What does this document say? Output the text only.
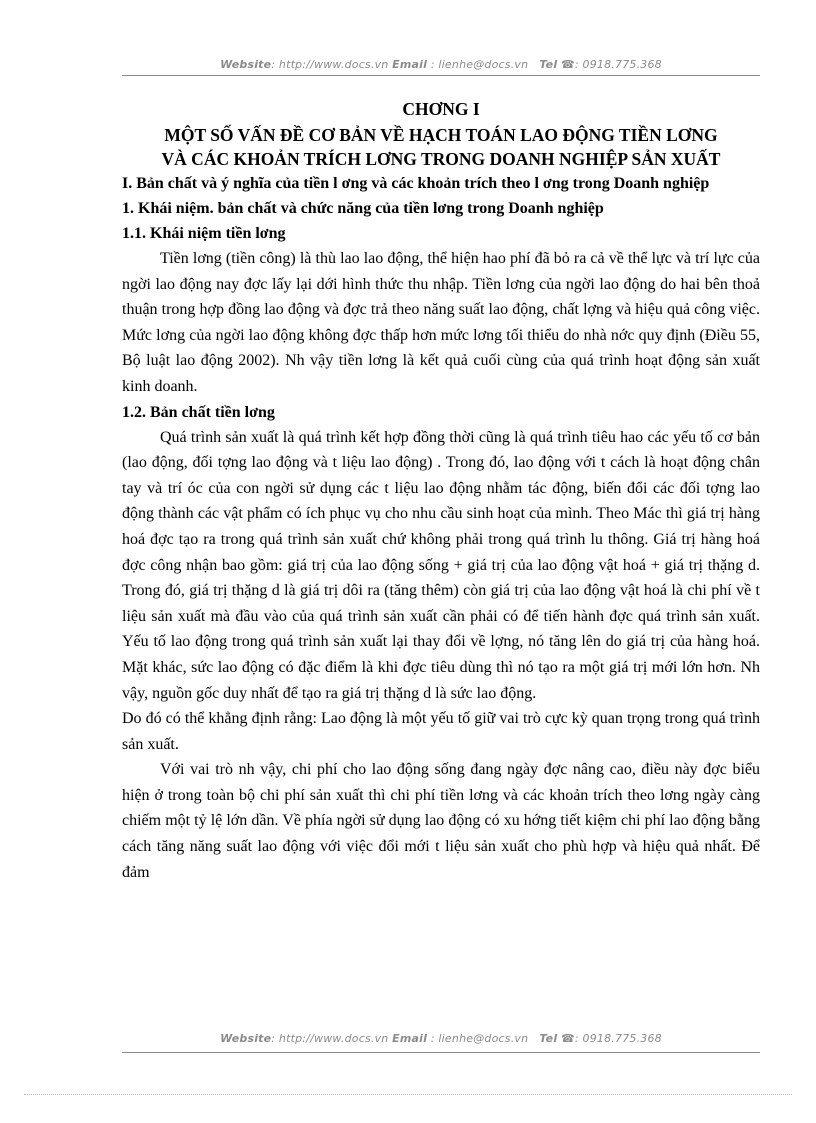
Website: http://www.docs.vn Email : lienhe@docs.vn Tel ☎: 0918.775.368

CHƠNG I

MỘT SỐ VẤN ĐỀ CƠ BẢN VỀ HẠCH TOÁN LAO ĐỘNG TIỀN LƠNG

VÀ CÁC KHOẢN TRÍCH LƠNG TRONG DOANH NGHIỆP SẢN XUẤT

I. Bản chất và ý nghĩa của tiền l ơng và các khoản trích theo l ơng trong Doanh nghiệp

1. Khái niệm. bản chất và chức năng của tiền lơng trong Doanh nghiệp

1.1. Khái niệm tiền lơng

Tiền lơng (tiền công) là thù lao lao động, thể hiện hao phí đã bỏ ra cả về thể lực và trí lực của ngời lao động nay đợc lấy lại dới hình thức thu nhập. Tiền lơng của ngời lao động do hai bên thoả thuận trong hợp đồng lao động và đợc trả theo năng suất lao động, chất lợng và hiệu quả công việc. Mức lơng của ngời lao động không đợc thấp hơn mức lơng tối thiểu do nhà nớc quy định (Điều 55, Bộ luật lao động 2002). Nh vậy tiền lơng là kết quả cuối cùng của quá trình hoạt động sản xuất kinh doanh.

1.2. Bản chất tiền lơng

Quá trình sản xuất là quá trình kết hợp đồng thời cũng là quá trình tiêu hao các yếu tố cơ bản (lao động, đối tợng lao động và t liệu lao động) . Trong đó, lao động với t cách là hoạt động chân tay và trí óc của con ngời sử dụng các t liệu lao động nhằm tác động, biến đổi các đối tợng lao động thành các vật phẩm có ích phục vụ cho nhu cầu sinh hoạt của mình. Theo Mác thì giá trị hàng hoá đợc tạo ra trong quá trình sản xuất chứ không phải trong quá trình lu thông. Giá trị hàng hoá đợc công nhận bao gồm: giá trị của lao động sống + giá trị của lao động vật hoá + giá trị thặng d. Trong đó, giá trị thặng d là giá trị dôi ra (tăng thêm) còn giá trị của lao động vật hoá là chi phí về t liệu sản xuất mà đầu vào của quá trình sản xuất cần phải có để tiến hành đợc quá trình sản xuất. Yếu tố lao động trong quá trình sản xuất lại thay đổi về lợng, nó tăng lên do giá trị của hàng hoá. Mặt khác, sức lao động có đặc điểm là khi đợc tiêu dùng thì nó tạo ra một giá trị mới lớn hơn. Nh vậy, nguồn gốc duy nhất để tạo ra giá trị thặng d là sức lao động.

Do đó có thể khẳng định rằng: Lao động là một yếu tố giữ vai trò cực kỳ quan trọng trong quá trình sản xuất.

Với vai trò nh vậy, chi phí cho lao động sống đang ngày đợc nâng cao, điều này đợc biểu hiện ở trong toàn bộ chi phí sản xuất thì chi phí tiền lơng và các khoản trích theo lơng ngày càng chiếm một tỷ lệ lớn dần. Về phía ngời sử dụng lao động có xu hớng tiết kiệm chi phí lao động bằng cách tăng năng suất lao động với việc đổi mới t liệu sản xuất cho phù hợp và hiệu quả nhất. Để đảm

Website: http://www.docs.vn Email : lienhe@docs.vn Tel ☎: 0918.775.368
